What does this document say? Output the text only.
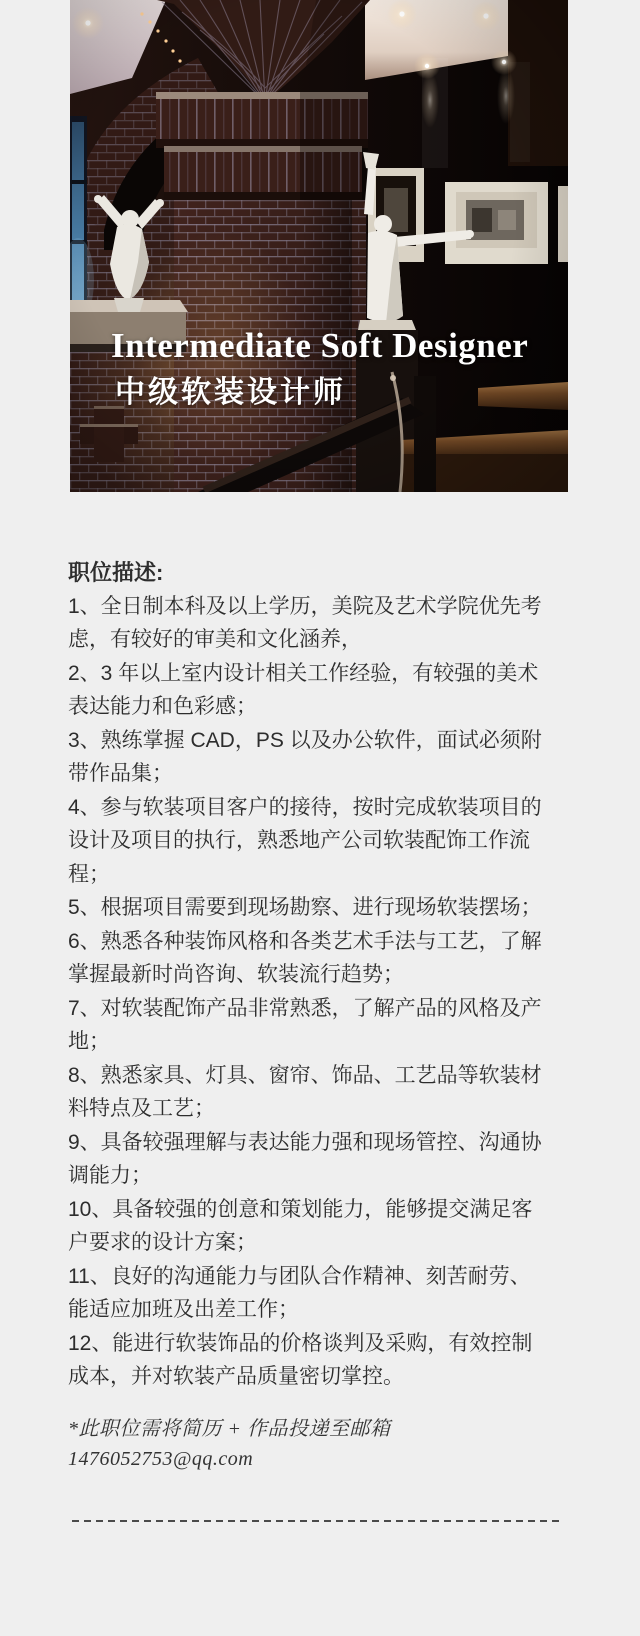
Intermediate Soft Designer
中级软装设计师

职位描述:

1、全日制本科及以上学历，美院及艺术学院优先考虑，有较好的审美和文化涵养，

2、3 年以上室内设计相关工作经验，有较强的美术表达能力和色彩感；

3、熟练掌握 CAD，PS 以及办公软件，面试必须附带作品集；

4、参与软装项目客户的接待，按时完成软装项目的设计及项目的执行，熟悉地产公司软装配饰工作流程；

5、根据项目需要到现场勘察、进行现场软装摆场；

6、熟悉各种装饰风格和各类艺术手法与工艺，了解掌握最新时尚咨询、软装流行趋势；

7、对软装配饰产品非常熟悉，了解产品的风格及产地；

8、熟悉家具、灯具、窗帘、饰品、工艺品等软装材料特点及工艺；

9、具备较强理解与表达能力强和现场管控、沟通协调能力；

10、具备较强的创意和策划能力，能够提交满足客户要求的设计方案；

11、良好的沟通能力与团队合作精神、刻苦耐劳、能适应加班及出差工作；

12、能进行软装饰品的价格谈判及采购，有效控制成本，并对软装产品质量密切掌控。

*此职位需将简历 + 作品投递至邮箱 1476052753@qq.com
